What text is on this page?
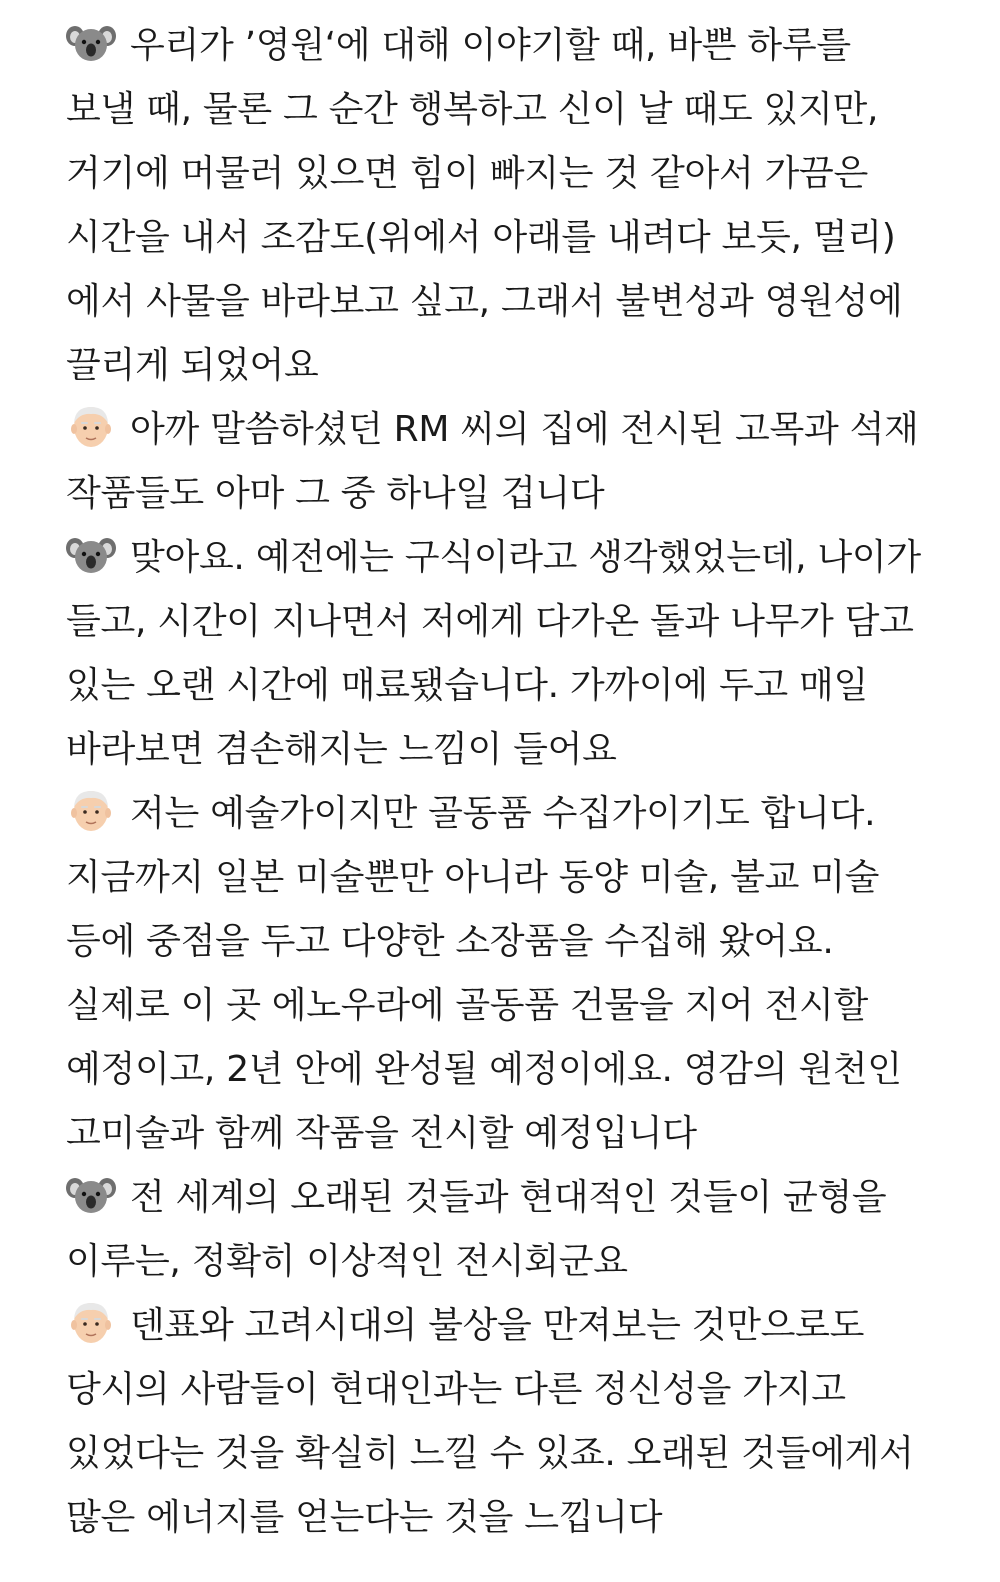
우리가 ’영원‘에 대해 이야기할 때, 바쁜 하루를 보낼 때, 물론 그 순간 행복하고 신이 날 때도 있지만, 거기에 머물러 있으면 힘이 빠지는 것 같아서 가끔은 시간을 내서 조감도(위에서 아래를 내려다 보듯, 멀리)에서 사물을 바라보고 싶고, 그래서 불변성과 영원성에 끌리게 되었어요

아까 말씀하셨던 RM 씨의 집에 전시된 고목과 석재 작품들도 아마 그 중 하나일 겁니다

맞아요. 예전에는 구식이라고 생각했었는데, 나이가 들고, 시간이 지나면서 저에게 다가온 돌과 나무가 담고 있는 오랜 시간에 매료됐습니다. 가까이에 두고 매일 바라보면 겸손해지는 느낌이 들어요

저는 예술가이지만 골동품 수집가이기도 합니다. 지금까지 일본 미술뿐만 아니라 동양 미술, 불교 미술 등에 중점을 두고 다양한 소장품을 수집해 왔어요. 실제로 이 곳 에노우라에 골동품 건물을 지어 전시할 예정이고, 2년 안에 완성될 예정이에요. 영감의 원천인 고미술과 함께 작품을 전시할 예정입니다

전 세계의 오래된 것들과 현대적인 것들이 균형을 이루는, 정확히 이상적인 전시회군요

덴표와 고려시대의 불상을 만져보는 것만으로도 당시의 사람들이 현대인과는 다른 정신성을 가지고 있었다는 것을 확실히 느낄 수 있죠. 오래된 것들에게서 많은 에너지를 얻는다는 것을 느낍니다
